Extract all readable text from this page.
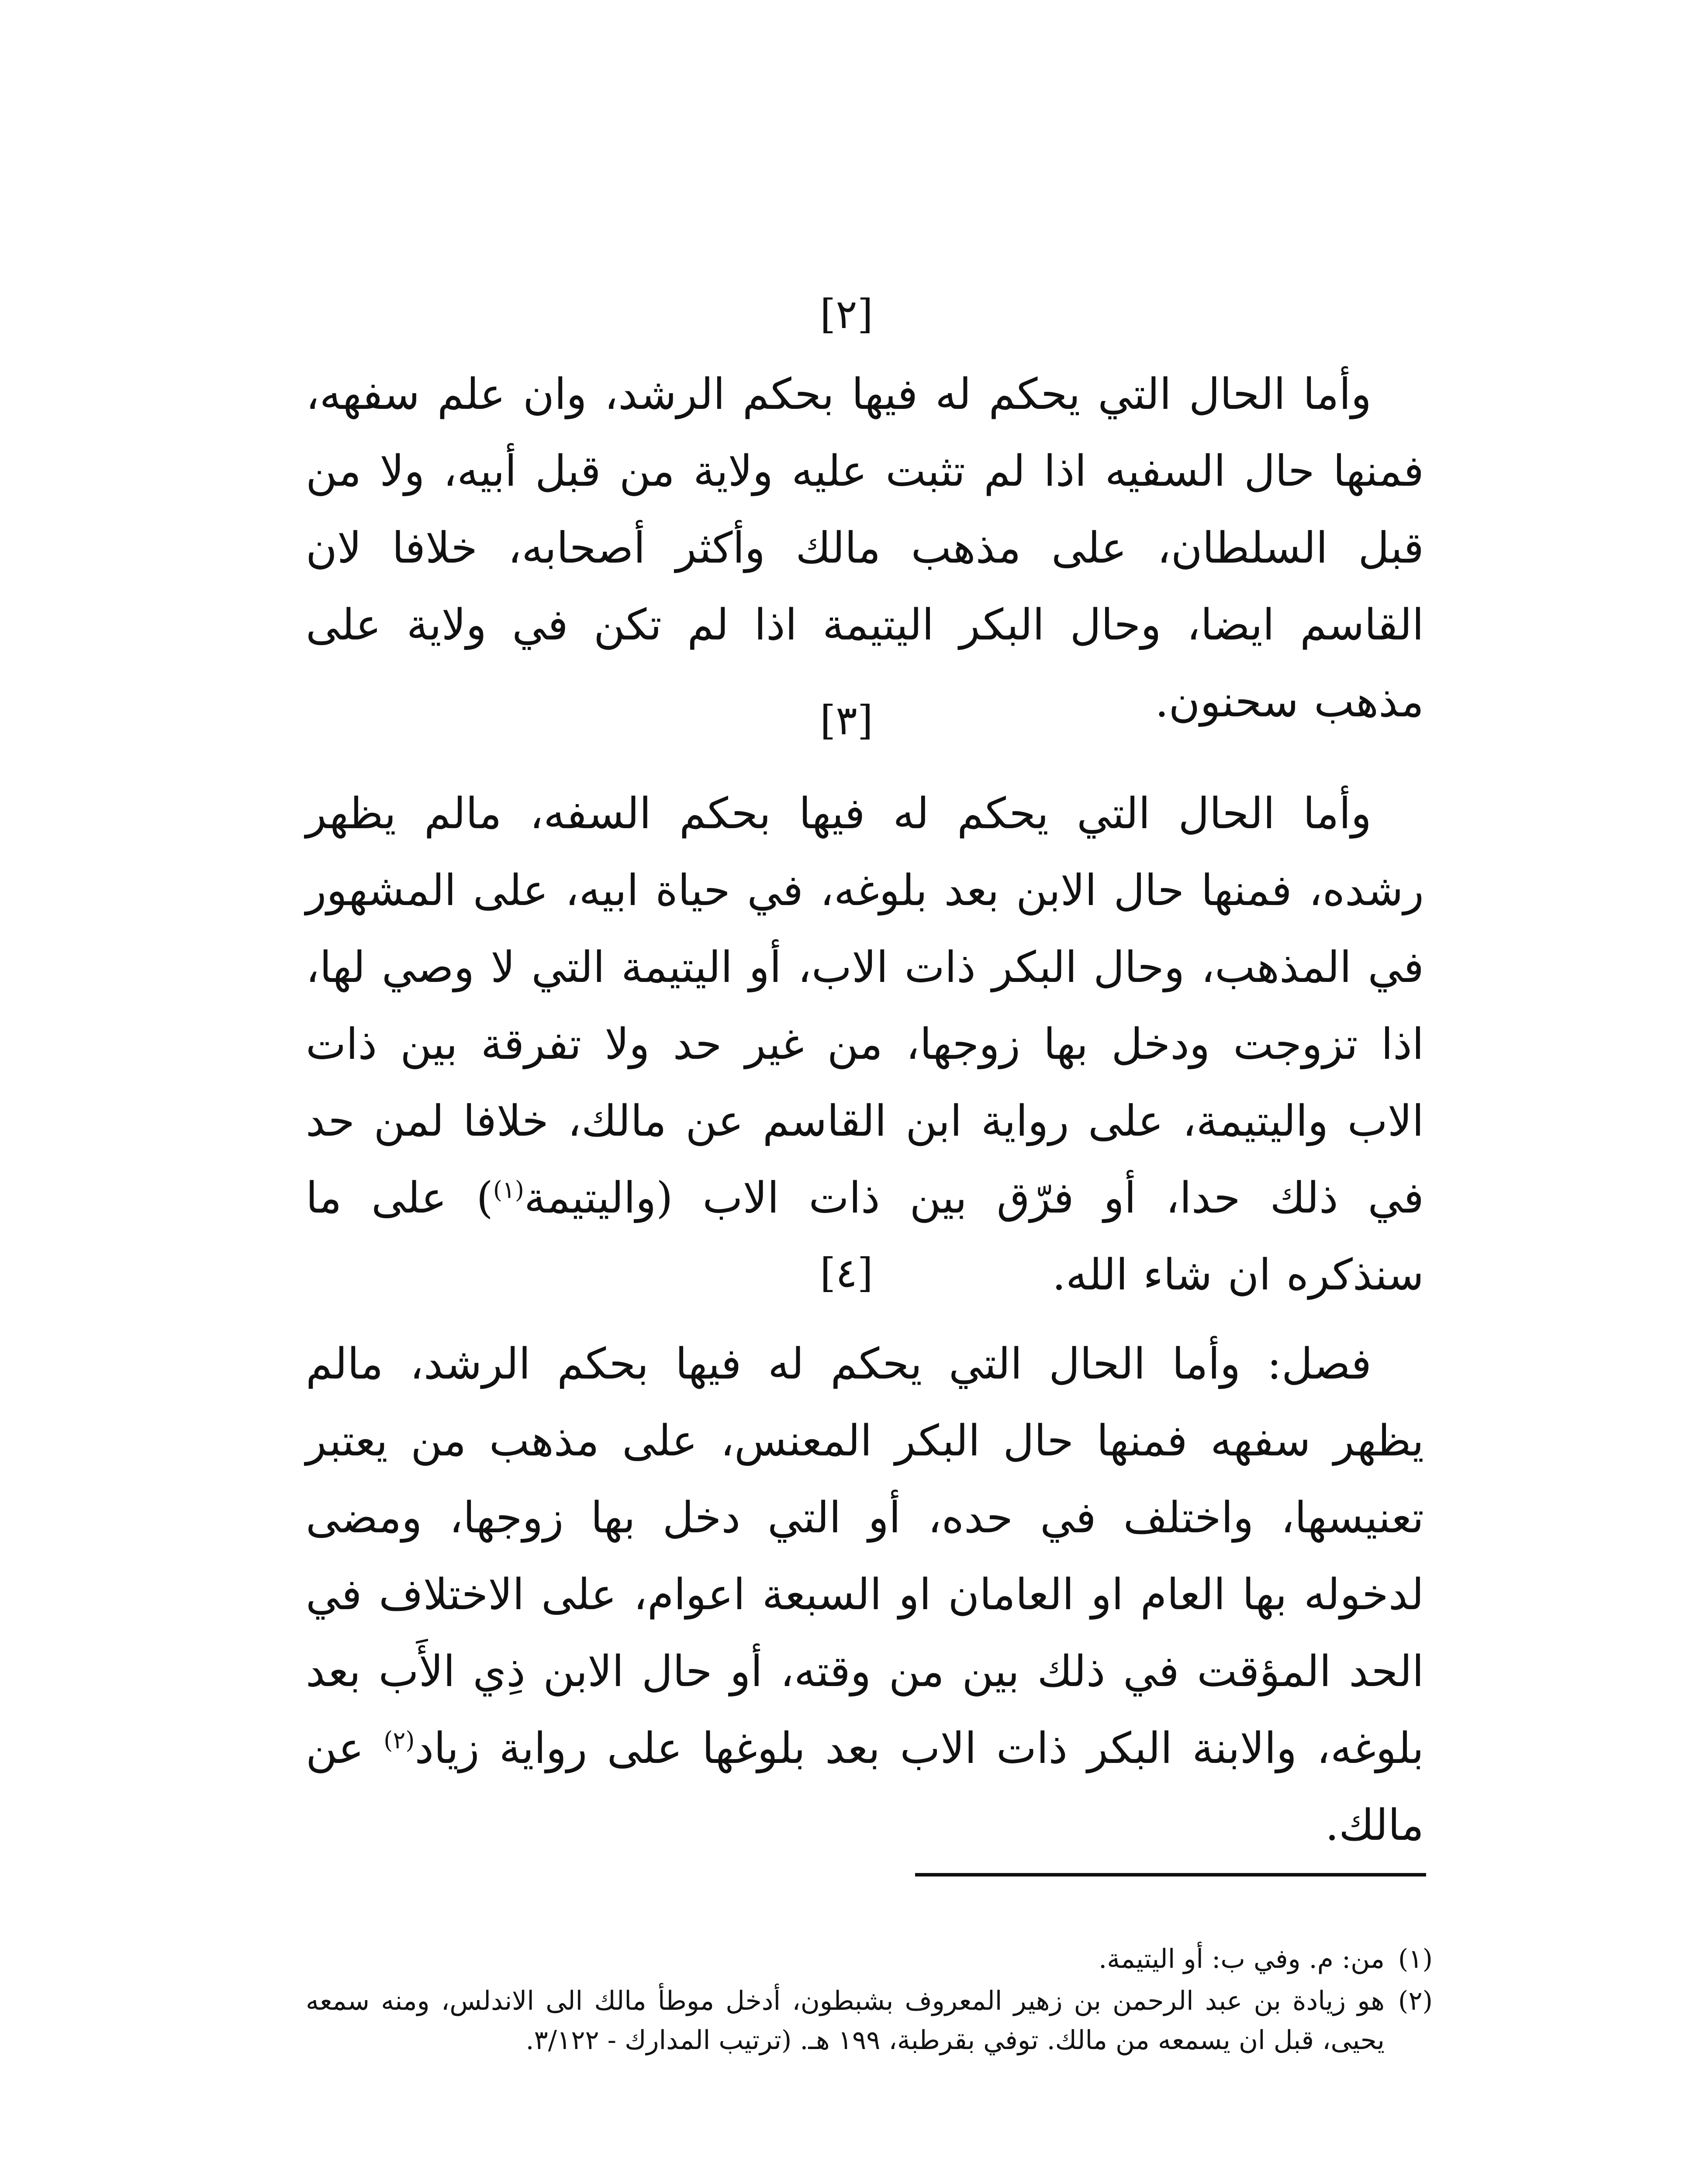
[٢]
وأما الحال التي يحكم له فيها بحكم الرشد، وان علم سفهه، فمنها حال السفيه اذا لم تثبت عليه ولاية من قبل أبيه، ولا من قبل السلطان، على مذهب مالك وأكثر أصحابه، خلافا لان القاسم ايضا، وحال البكر اليتيمة اذا لم تكن في ولاية على مذهب سحنون.
[٣]
وأما الحال التي يحكم له فيها بحكم السفه، مالم يظهر رشده، فمنها حال الابن بعد بلوغه، في حياة ابيه، على المشهور في المذهب، وحال البكر ذات الاب، أو اليتيمة التي لا وصي لها، اذا تزوجت ودخل بها زوجها، من غير حد ولا تفرقة بين ذات الاب واليتيمة، على رواية ابن القاسم عن مالك، خلافا لمن حد في ذلك حدا، أو فرّق بين ذات الاب (واليتيمة$^{(١)}$) على ما سنذكره ان شاء الله.
[٤]
فصل: وأما الحال التي يحكم له فيها بحكم الرشد، مالم يظهر سفهه فمنها حال البكر المعنس، على مذهب من يعتبر تعنيسها، واختلف في حده، أو التي دخل بها زوجها، ومضى لدخوله بها العام او العامان او السبعة اعوام، على الاختلاف في الحد المؤقت في ذلك بين من وقته، أو حال الابن ذِي الأَب بعد بلوغه، والابنة البكر ذات الاب بعد بلوغها على رواية زياد$^{(٢)}$ عن مالك.
(١)
من: م. وفي ب: أو اليتيمة.
(٢)
هو زيادة بن عبد الرحمن بن زهير المعروف بشبطون، أدخل موطأ مالك الى الاندلس، ومنه سمعه يحيى، قبل ان يسمعه من مالك. توفي بقرطبة، ١٩٩ هـ. (ترتيب المدارك - ٣/١٢٢.
